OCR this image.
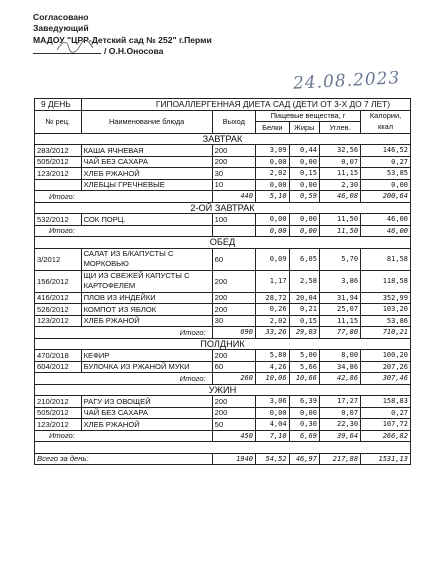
Согласовано
Заведующий
МАДОУ "ЦРР-Детский сад № 252" г.Перми
/ О.Н.Оносова
24.08.2023
9 ДЕНЬ	ГИПОАЛЛЕРГЕННАЯ ДИЕТА САД (ДЕТИ ОТ 3-Х ДО 7 ЛЕТ)					
№ рец.	Наименование блюда	Выход	Пищевые вещества, г			Калории, ккал
			Белки	Жиры	Углев.	
ЗАВТРАК						
283/2012	КАША ЯЧНЕВАЯ	200	3,09	0,44	32,56	146,52
505/2012	ЧАЙ БЕЗ САХАРА	200	0,00	0,00	0,07	0,27
123/2012	ХЛЕБ РЖАНОЙ	30	2,02	0,15	11,15	53,85
	ХЛЕБЦЫ ГРЕЧНЕВЫЕ	10	0,00	0,00	2,30	0,00
Итого:		440	5,10	0,59	46,08	200,64
2-ОЙ ЗАВТРАК						
532/2012	СОК ПОРЦ.	100	0,00	0,00	11,50	46,00
Итого:			0,00	0,00	11,50	46,00
ОБЕД						
3/2012	САЛАТ ИЗ Б/КАПУСТЫ С МОРКОВЬЮ	60	0,09	6,05	5,70	81,58
156/2012	ЩИ ИЗ СВЕЖЕЙ КАПУСТЫ С КАРТОФЕЛЕМ	200	1,17	2,58	3,86	118,58
416/2012	ПЛОВ ИЗ ИНДЕЙКИ	200	28,72	20,04	31,94	352,99
526/2012	КОМПОТ ИЗ ЯБЛОК	200	0,26	0,21	25,07	103,20
123/2012	ХЛЕБ РЖАНОЙ	30	2,02	0,15	11,15	53,86
Итого:		690	33,26	29,03	77,80	710,21
ПОЛДНИК						
470/2018	КЕФИР	200	5,80	5,00	8,00	100,20
604/2012	БУЛОЧКА ИЗ РЖАНОЙ МУКИ	60	4,26	5,66	34,86	207,26
Итого:		260	10,06	10,66	42,86	307,46
УЖИН						
210/2012	РАГУ ИЗ ОВОЩЕЙ	200	3,06	6,39	17,27	158,83
505/2012	ЧАЙ БЕЗ САХАРА	200	0,00	0,00	0,07	0,27
123/2012	ХЛЕБ РЖАНОЙ	50	4,04	0,30	22,30	107,72
Итого:		450	7,10	6,69	39,64	266,82

Всего за день:		1940	54,52	46,97	217,88	1531,13
